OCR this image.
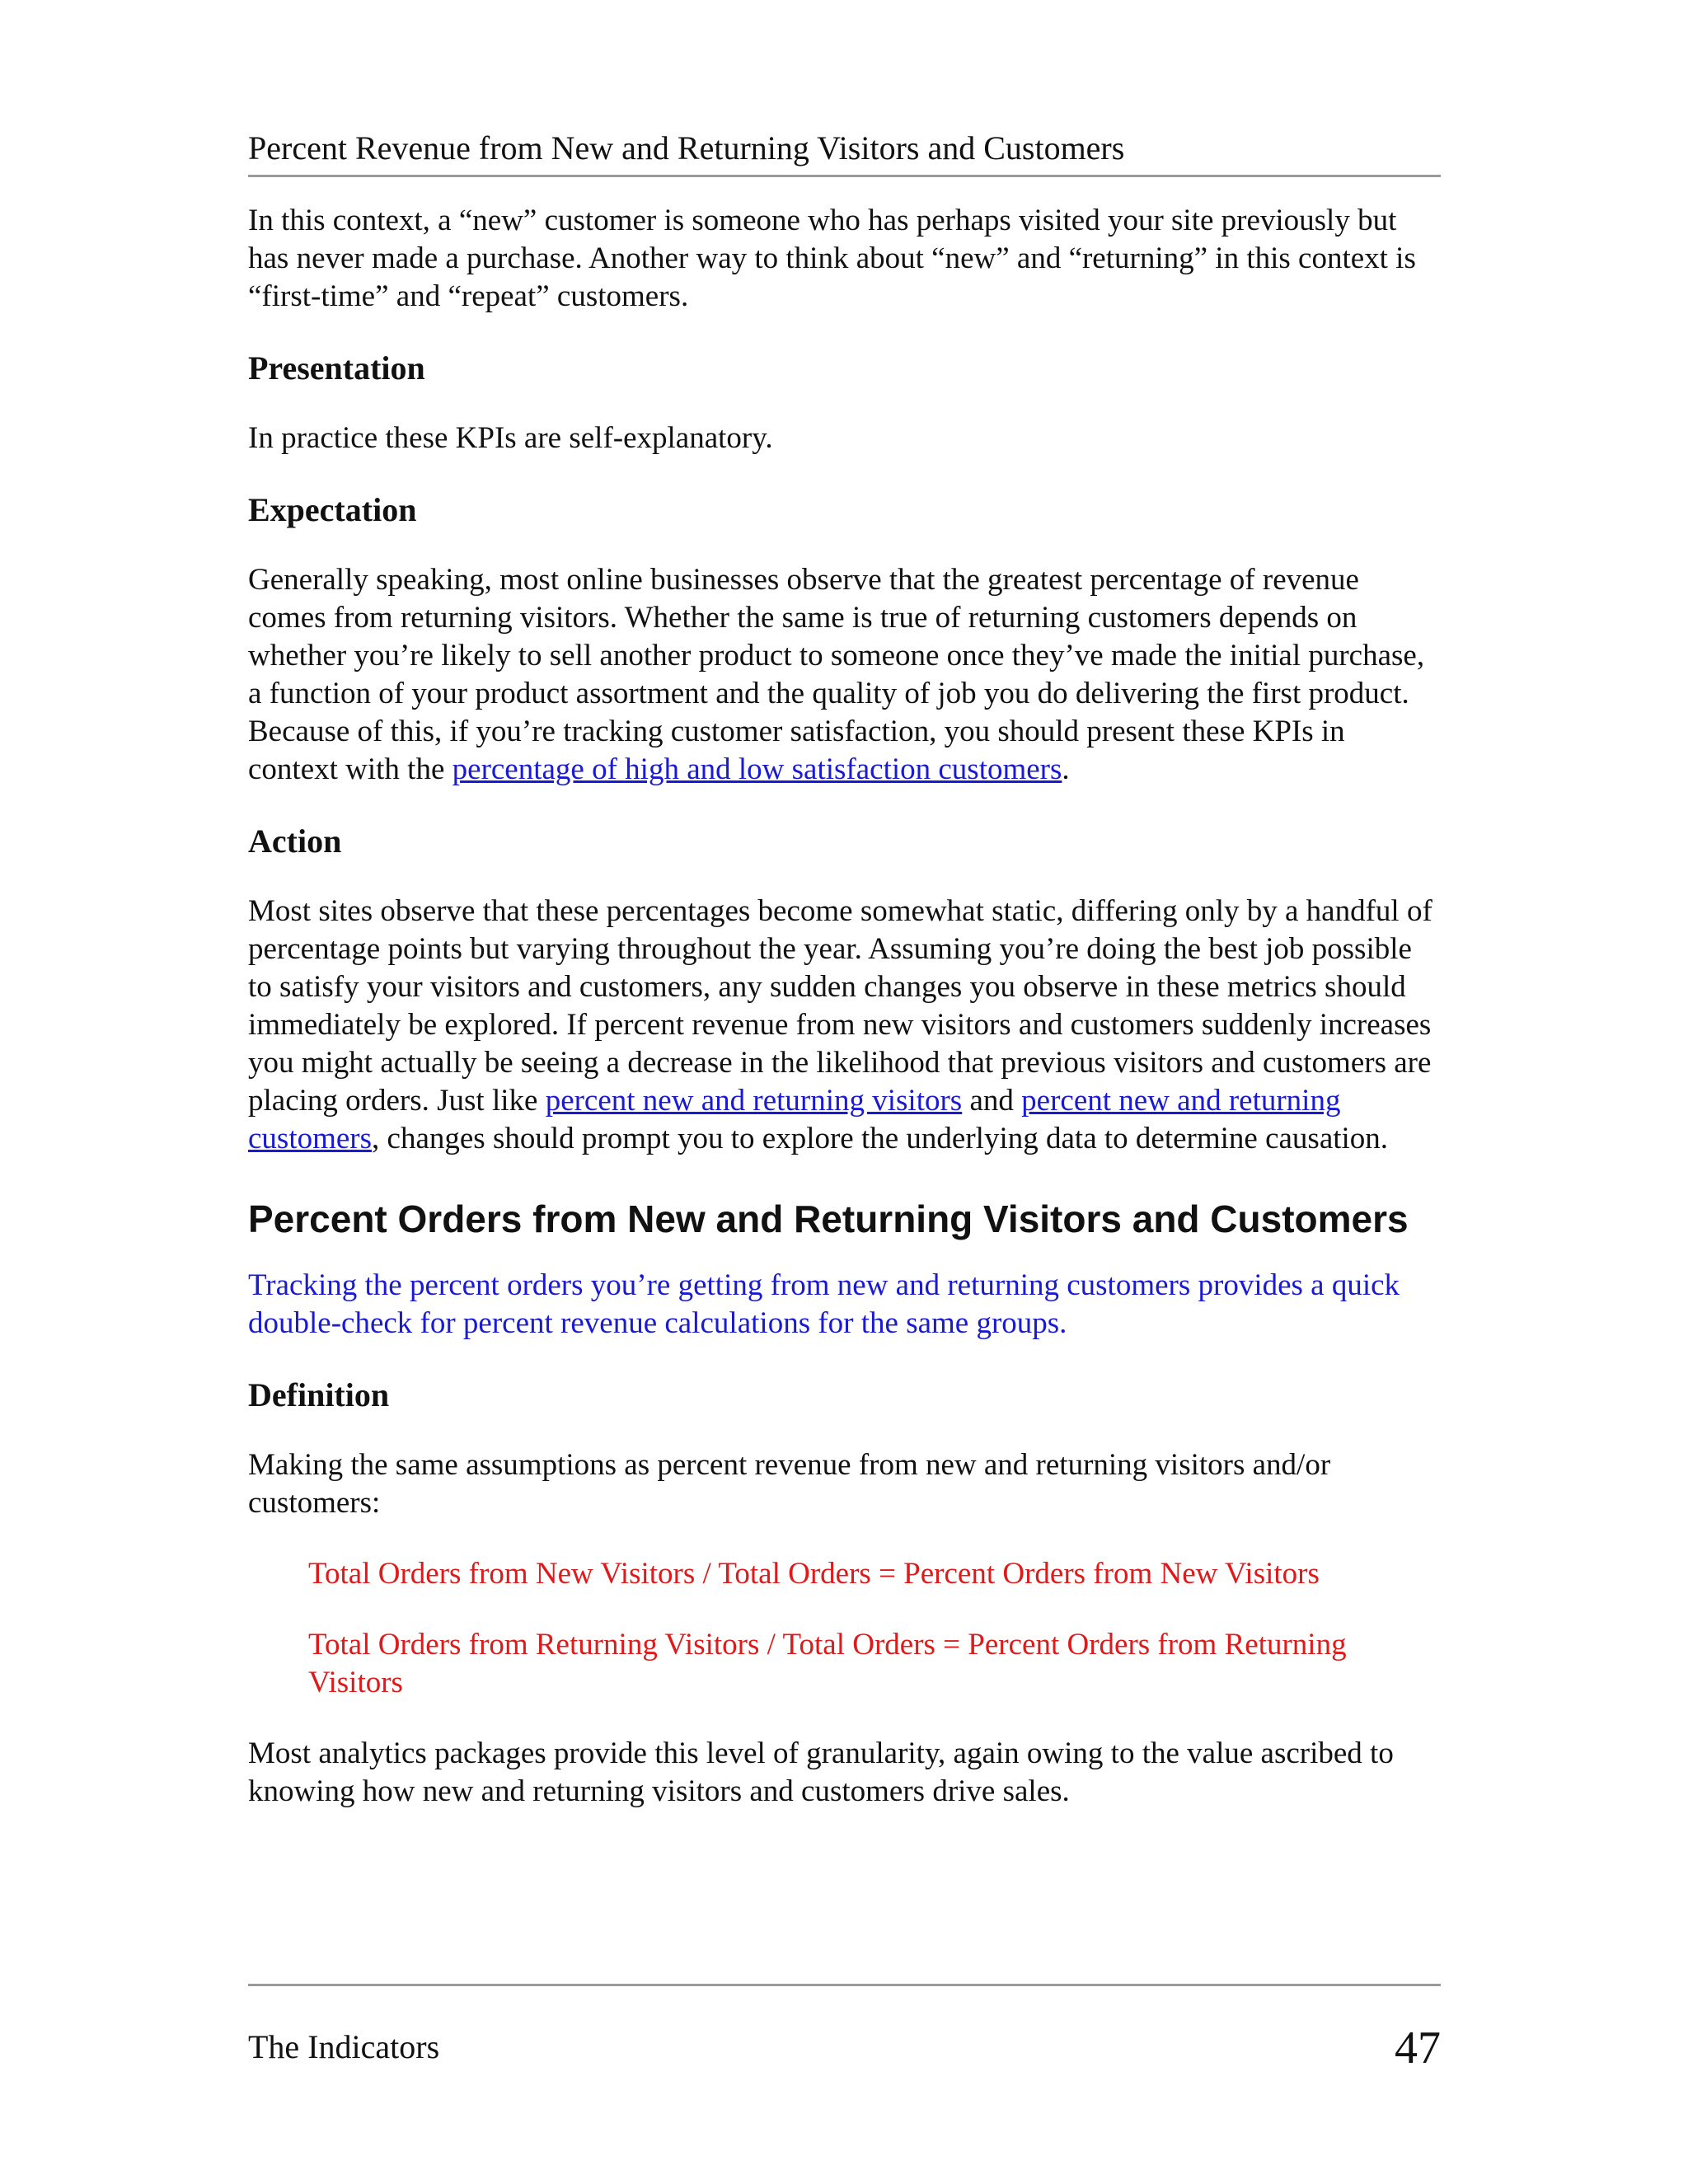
Percent Revenue from New and Returning Visitors and Customers

In this context, a “new” customer is someone who has perhaps visited your site previously but has never made a purchase. Another way to think about “new” and “returning” in this context is “first-time” and “repeat” customers.

Presentation

In practice these KPIs are self-explanatory.

Expectation

Generally speaking, most online businesses observe that the greatest percentage of revenue comes from returning visitors. Whether the same is true of returning customers depends on whether you’re likely to sell another product to someone once they’ve made the initial purchase, a function of your product assortment and the quality of job you do delivering the first product. Because of this, if you’re tracking customer satisfaction, you should present these KPIs in context with the percentage of high and low satisfaction customers.

Action

Most sites observe that these percentages become somewhat static, differing only by a handful of percentage points but varying throughout the year. Assuming you’re doing the best job possible to satisfy your visitors and customers, any sudden changes you observe in these metrics should immediately be explored. If percent revenue from new visitors and customers suddenly increases you might actually be seeing a decrease in the likelihood that previous visitors and customers are placing orders. Just like percent new and returning visitors and percent new and returning customers, changes should prompt you to explore the underlying data to determine causation.

Percent Orders from New and Returning Visitors and Customers

Tracking the percent orders you’re getting from new and returning customers provides a quick double-check for percent revenue calculations for the same groups.

Definition

Making the same assumptions as percent revenue from new and returning visitors and/or customers:

Total Orders from New Visitors / Total Orders = Percent Orders from New Visitors

Total Orders from Returning Visitors / Total Orders = Percent Orders from Returning Visitors

Most analytics packages provide this level of granularity, again owing to the value ascribed to knowing how new and returning visitors and customers drive sales.

The Indicators	47
